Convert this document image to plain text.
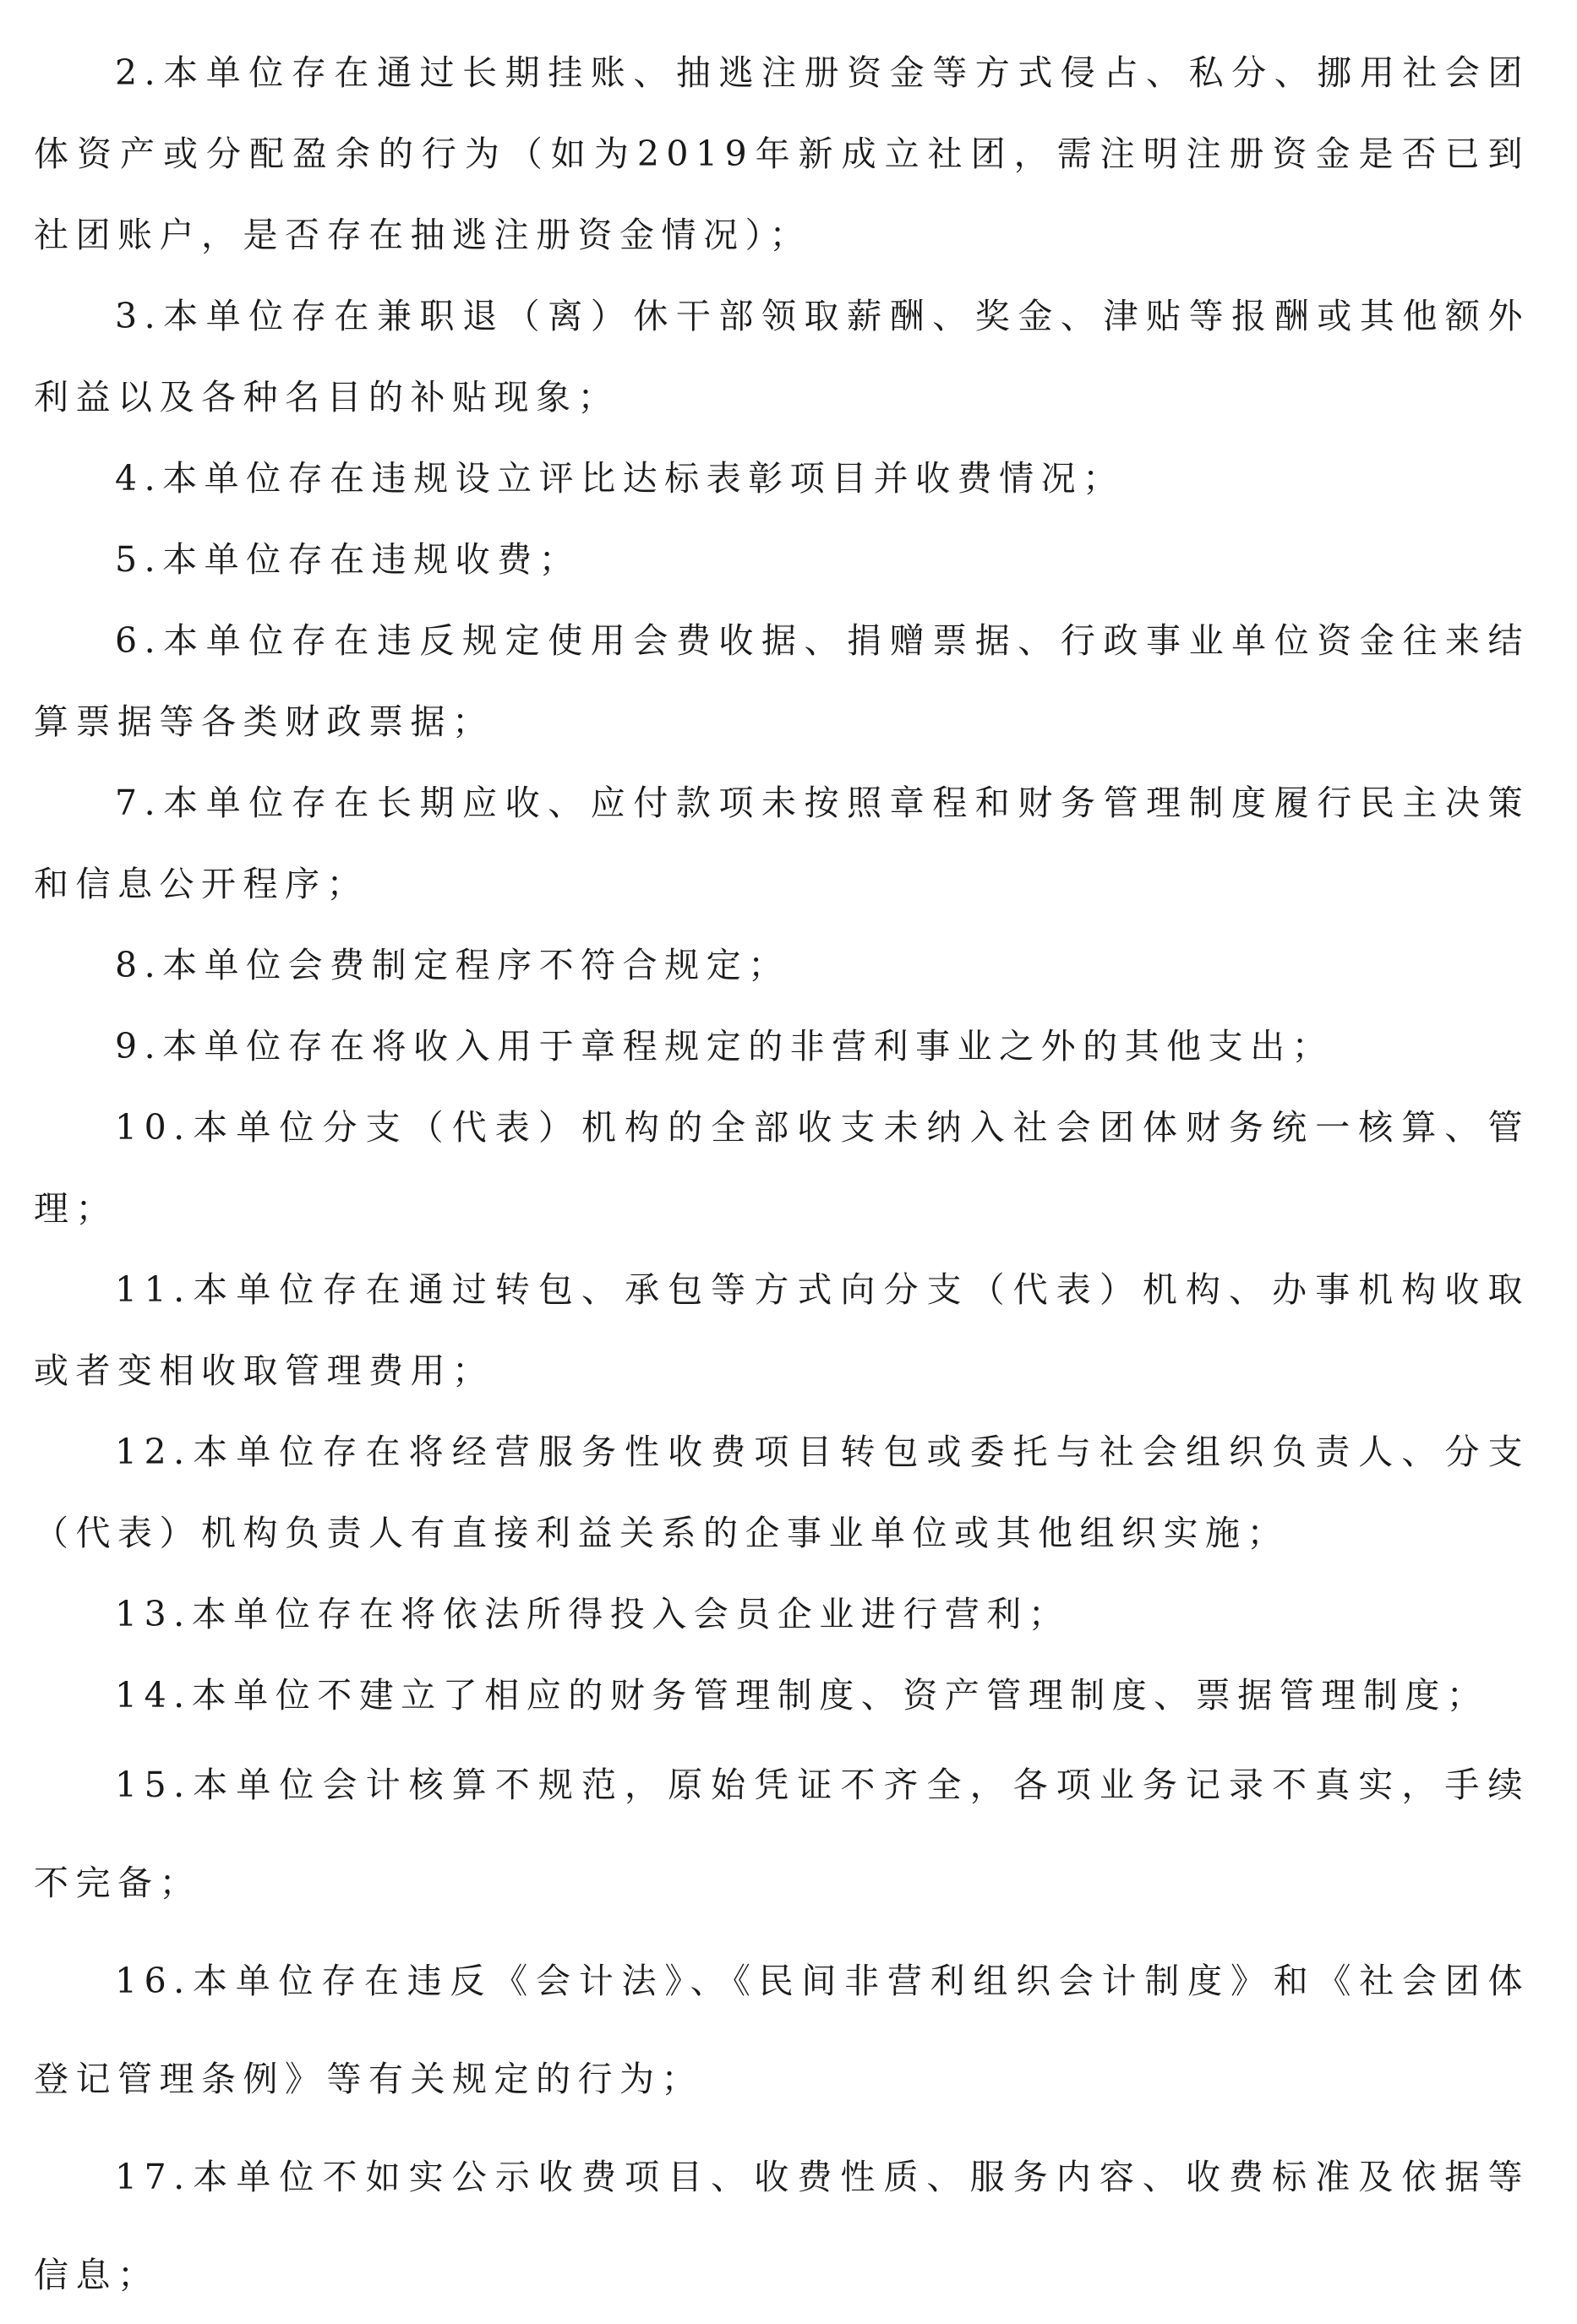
2.本单位存在通过长期挂账、抽逃注册资金等方式侵占、私分、挪用社会团体资产或分配盈余的行为（如为2019年新成立社团，需注明注册资金是否已到社团账户，是否存在抽逃注册资金情况）；

3.本单位存在兼职退（离）休干部领取薪酬、奖金、津贴等报酬或其他额外利益以及各种名目的补贴现象；

4.本单位存在违规设立评比达标表彰项目并收费情况；

5.本单位存在违规收费；

6.本单位存在违反规定使用会费收据、捐赠票据、行政事业单位资金往来结算票据等各类财政票据；

7.本单位存在长期应收、应付款项未按照章程和财务管理制度履行民主决策和信息公开程序；

8.本单位会费制定程序不符合规定；

9.本单位存在将收入用于章程规定的非营利事业之外的其他支出；

10.本单位分支（代表）机构的全部收支未纳入社会团体财务统一核算、管理；

11.本单位存在通过转包、承包等方式向分支（代表）机构、办事机构收取或者变相收取管理费用；

12.本单位存在将经营服务性收费项目转包或委托与社会组织负责人、分支（代表）机构负责人有直接利益关系的企事业单位或其他组织实施；

13.本单位存在将依法所得投入会员企业进行营利；

14.本单位不建立了相应的财务管理制度、资产管理制度、票据管理制度；

15.本单位会计核算不规范，原始凭证不齐全，各项业务记录不真实，手续不完备；

16.本单位存在违反《会计法》、《民间非营利组织会计制度》和《社会团体登记管理条例》等有关规定的行为；

17.本单位不如实公示收费项目、收费性质、服务内容、收费标准及依据等信息；
